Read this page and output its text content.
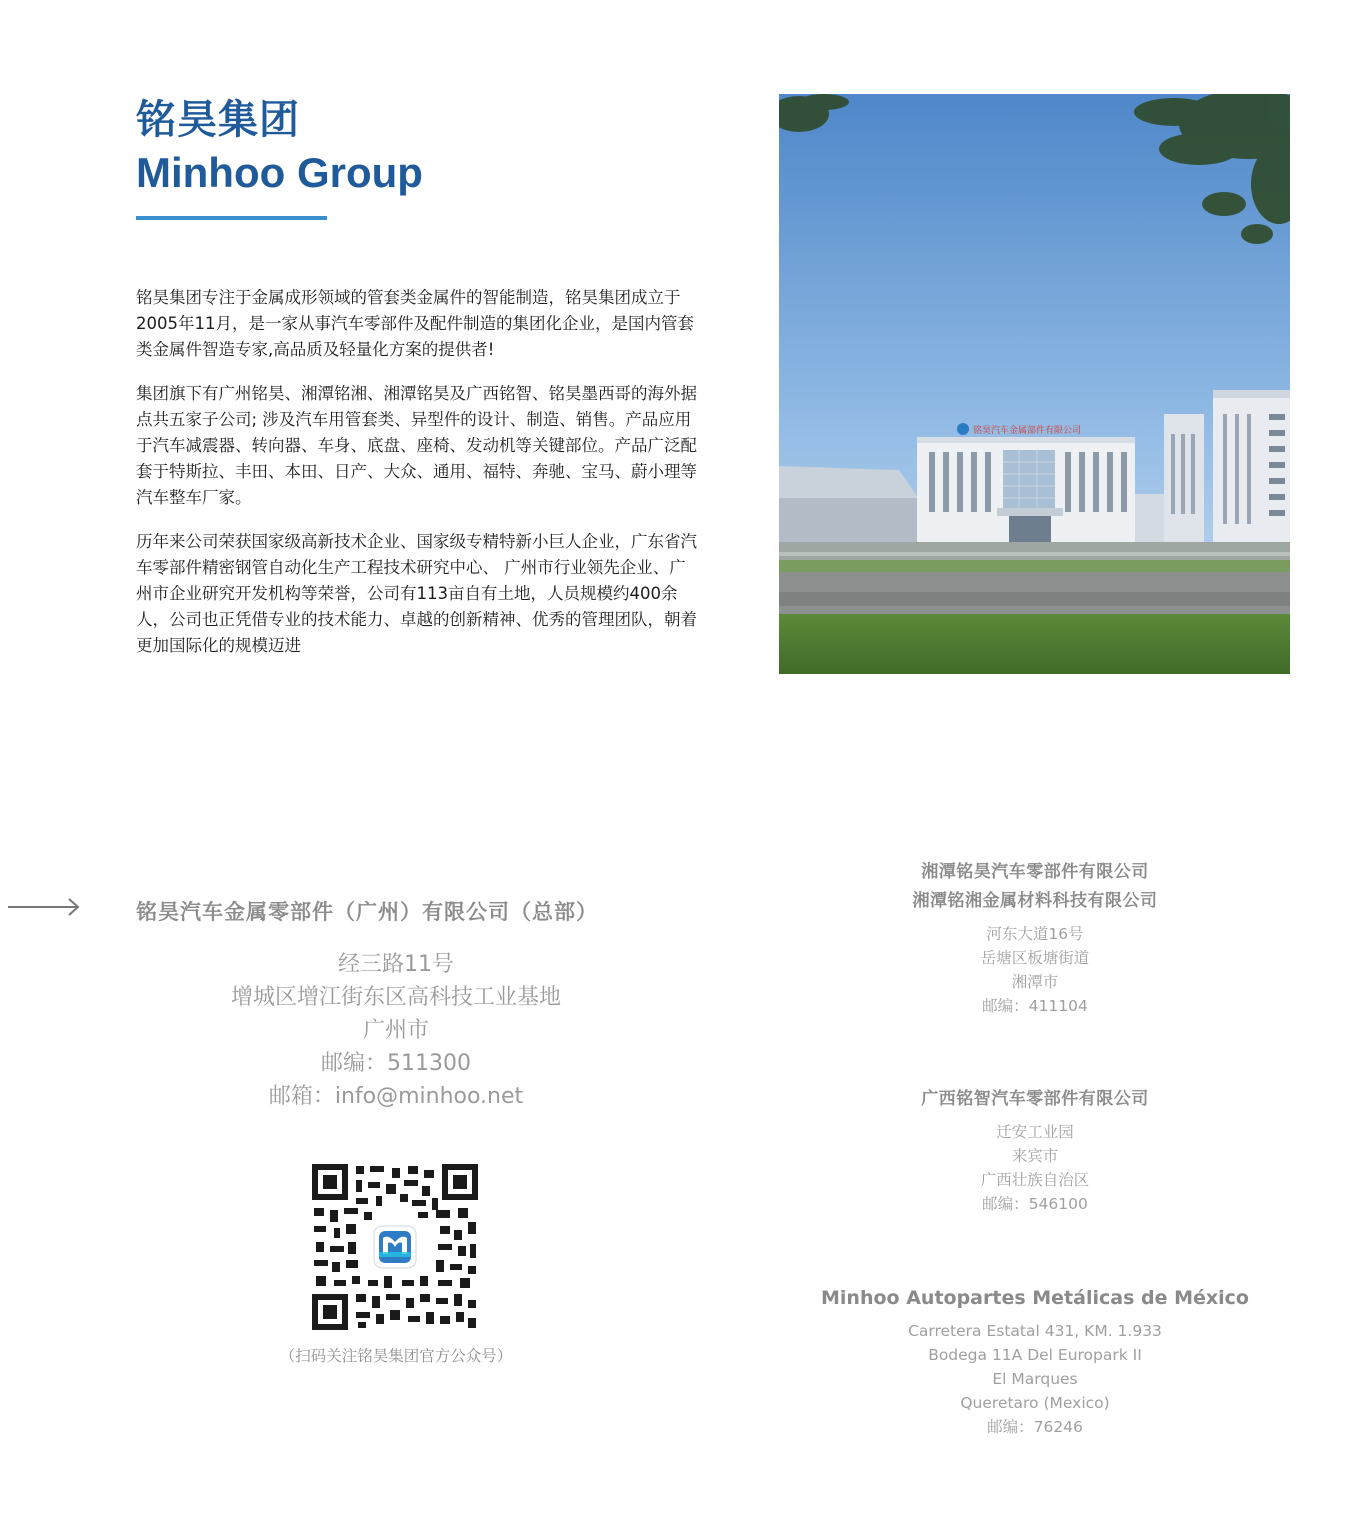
铭昊集团
Minhoo Group

铭昊集团专注于金属成形领域的管套类金属件的智能制造，铭昊集团成立于2005年11月，是一家从事汽车零部件及配件制造的集团化企业，是国内管套类金属件智造专家,高品质及轻量化方案的提供者!

集团旗下有广州铭昊、湘潭铭湘、湘潭铭昊及广西铭智、铭昊墨西哥的海外据点共五家子公司; 涉及汽车用管套类、异型件的设计、制造、销售。产品应用于汽车减震器、转向器、车身、底盘、座椅、发动机等关键部位。产品广泛配套于特斯拉、丰田、本田、日产、大众、通用、福特、奔驰、宝马、蔚小理等汽车整车厂家。

历年来公司荣获国家级高新技术企业、国家级专精特新小巨人企业，广东省汽车零部件精密钢管自动化生产工程技术研究中心、 广州市行业领先企业、广州市企业研究开发机构等荣誉，公司有113亩自有土地，人员规模约400余人，公司也正凭借专业的技术能力、卓越的创新精神、优秀的管理团队，朝着更加国际化的规模迈进

铭昊汽车金属部件有限公司
铭昊汽车金属零部件（广州）有限公司（总部）
经三路11号
增城区增江街东区高科技工业基地
广州市
邮编：511300
邮箱：info@minhoo.net
（扫码关注铭昊集团官方公众号）
湘潭铭昊汽车零部件有限公司
湘潭铭湘金属材料科技有限公司
河东大道16号
岳塘区板塘街道
湘潭市
邮编：411104
广西铭智汽车零部件有限公司
迁安工业园
来宾市
广西壮族自治区
邮编：546100
Minhoo Autopartes Metálicas de México
Carretera Estatal 431, KM. 1.933
Bodega 11A Del Europark II
El Marques
Queretaro (Mexico)
邮编：76246
